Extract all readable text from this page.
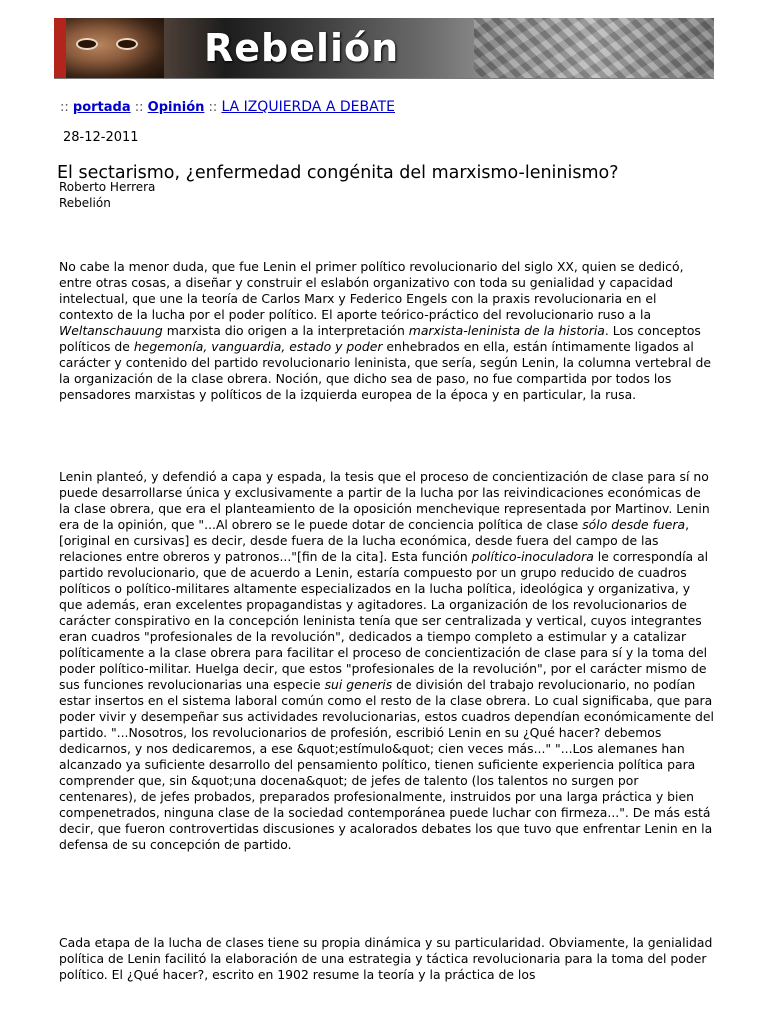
Rebelión
:: portada :: Opinión :: LA IZQUIERDA A DEBATE
28-12-2011
El sectarismo, ¿enfermedad congénita del marxismo-leninismo?
Roberto Herrera
Rebelión

No cabe la menor duda, que fue Lenin el primer político revolucionario del siglo XX, quien se dedicó, entre otras cosas, a diseñar y construir el eslabón organizativo con toda su genialidad y capacidad intelectual, que une la teoría de Carlos Marx y Federico Engels con la praxis revolucionaria en el contexto de la lucha por el poder político. El aporte teórico-práctico del revolucionario ruso a la Weltanschauung marxista dio origen a la interpretación marxista-leninista de la historia. Los conceptos políticos de hegemonía, vanguardia, estado y poder enhebrados en ella, están íntimamente ligados al carácter y contenido del partido revolucionario leninista, que sería, según Lenin, la columna vertebral de la organización de la clase obrera. Noción, que dicho sea de paso, no fue compartida por todos los pensadores marxistas y políticos de la izquierda europea de la época y en particular, la rusa.

Lenin planteó, y defendió a capa y espada, la tesis que el proceso de concientización de clase para sí no puede desarrollarse única y exclusivamente a partir de la lucha por las reivindicaciones económicas de la clase obrera, que era el planteamiento de la oposición menchevique representada por Martinov. Lenin era de la opinión, que "...Al obrero se le puede dotar de conciencia política de clase sólo desde fuera, [original en cursivas] es decir, desde fuera de la lucha económica, desde fuera del campo de las relaciones entre obreros y patronos..."[fin de la cita]. Esta función político-inoculadora le correspondía al partido revolucionario, que de acuerdo a Lenin, estaría compuesto por un grupo reducido de cuadros políticos o político-militares altamente especializados en la lucha política, ideológica y organizativa, y que además, eran excelentes propagandistas y agitadores. La organización de los revolucionarios de carácter conspirativo en la concepción leninista tenía que ser centralizada y vertical, cuyos integrantes eran cuadros "profesionales de la revolución", dedicados a tiempo completo a estimular y a catalizar políticamente a la clase obrera para facilitar el proceso de concientización de clase para sí y la toma del poder político-militar. Huelga decir, que estos "profesionales de la revolución", por el carácter mismo de sus funciones revolucionarias una especie sui generis de división del trabajo revolucionario, no podían estar insertos en el sistema laboral común como el resto de la clase obrera. Lo cual significaba, que para poder vivir y desempeñar sus actividades revolucionarias, estos cuadros dependían económicamente del partido. "...Nosotros, los revolucionarios de profesión, escribió Lenin en su ¿Qué hacer? debemos dedicarnos, y nos dedicaremos, a ese &quot;estímulo&quot; cien veces más..." "...Los alemanes han alcanzado ya suficiente desarrollo del pensamiento político, tienen suficiente experiencia política para comprender que, sin &quot;una docena&quot; de jefes de talento (los talentos no surgen por centenares), de jefes probados, preparados profesionalmente, instruidos por una larga práctica y bien compenetrados, ninguna clase de la sociedad contemporánea puede luchar con firmeza...". De más está decir, que fueron controvertidas discusiones y acalorados debates los que tuvo que enfrentar Lenin en la defensa de su concepción de partido.

Cada etapa de la lucha de clases tiene su propia dinámica y su particularidad. Obviamente, la genialidad política de Lenin facilitó la elaboración de una estrategia y táctica revolucionaria para la toma del poder político. El ¿Qué hacer?, escrito en 1902 resume la teoría y la práctica de los
